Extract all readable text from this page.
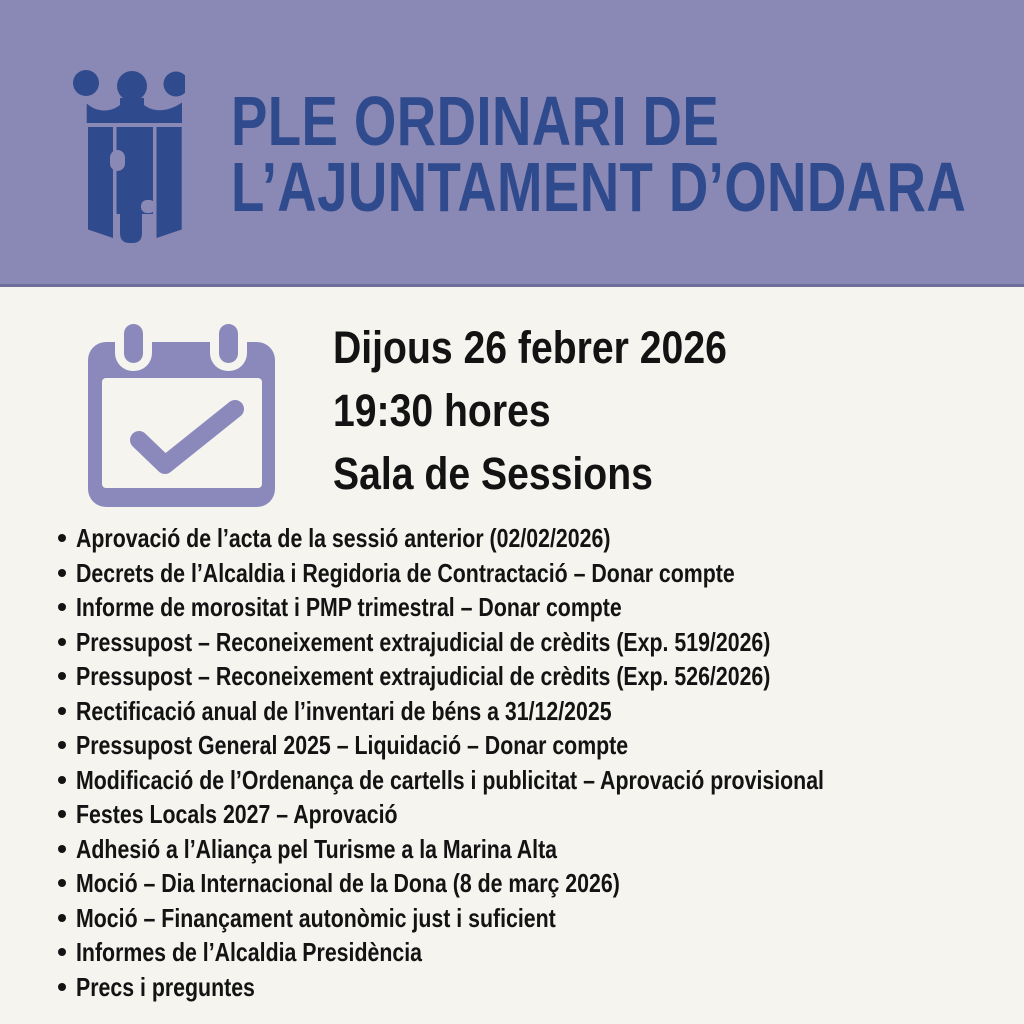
PLE ORDINARI DE
L’AJUNTAMENT D’ONDARA
Dijous 26 febrer 2026
19:30 hores
Sala de Sessions
Aprovació de l’acta de la sessió anterior (02/02/2026)
Decrets de l’Alcaldia i Regidoria de Contractació – Donar compte
Informe de morositat i PMP trimestral – Donar compte
Pressupost – Reconeixement extrajudicial de crèdits (Exp. 519/2026)
Pressupost – Reconeixement extrajudicial de crèdits (Exp. 526/2026)
Rectificació anual de l’inventari de béns a 31/12/2025
Pressupost General 2025 – Liquidació – Donar compte
Modificació de l’Ordenança de cartells i publicitat – Aprovació provisional
Festes Locals 2027 – Aprovació
Adhesió a l’Aliança pel Turisme a la Marina Alta
Moció – Dia Internacional de la Dona (8 de març 2026)
Moció – Finançament autonòmic just i suficient
Informes de l’Alcaldia Presidència
Precs i preguntes
